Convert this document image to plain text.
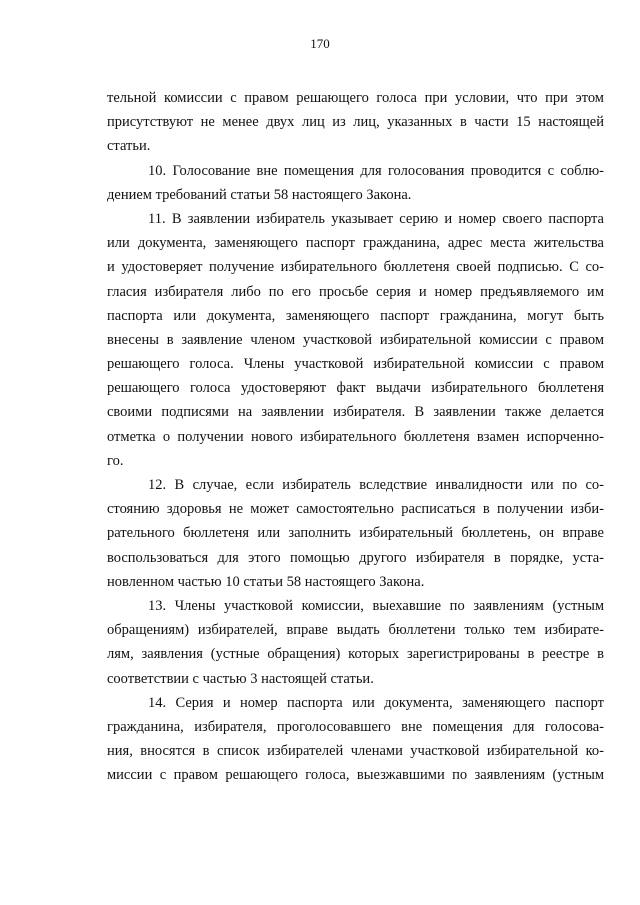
170
тельной комиссии с правом решающего голоса при условии, что при этом
присутствуют не менее двух лиц из лиц, указанных в части 15 настоящей
статьи.
10. Голосование вне помещения для голосования проводится с соблю-
дением требований статьи 58 настоящего Закона.
11. В заявлении избиратель указывает серию и номер своего паспорта
или документа, заменяющего паспорт гражданина, адрес места жительства
и удостоверяет получение избирательного бюллетеня своей подписью. С со-
гласия избирателя либо по его просьбе серия и номер предъявляемого им
паспорта или документа, заменяющего паспорт гражданина, могут быть
внесены в заявление членом участковой избирательной комиссии с правом
решающего голоса. Члены участковой избирательной комиссии с правом
решающего голоса удостоверяют факт выдачи избирательного бюллетеня
своими подписями на заявлении избирателя. В заявлении также делается
отметка о получении нового избирательного бюллетеня взамен испорченно-
го.
12. В случае, если избиратель вследствие инвалидности или по со-
стоянию здоровья не может самостоятельно расписаться в получении изби-
рательного бюллетеня или заполнить избирательный бюллетень, он вправе
воспользоваться для этого помощью другого избирателя в порядке, уста-
новленном частью 10 статьи 58 настоящего Закона.
13. Члены участковой комиссии, выехавшие по заявлениям (устным
обращениям) избирателей, вправе выдать бюллетени только тем избирате-
лям, заявления (устные обращения) которых зарегистрированы в реестре в
соответствии с частью 3 настоящей статьи.
14. Серия и номер паспорта или документа, заменяющего паспорт
гражданина, избирателя, проголосовавшего вне помещения для голосова-
ния, вносятся в список избирателей членами участковой избирательной ко-
миссии с правом решающего голоса, выезжавшими по заявлениям (устным
